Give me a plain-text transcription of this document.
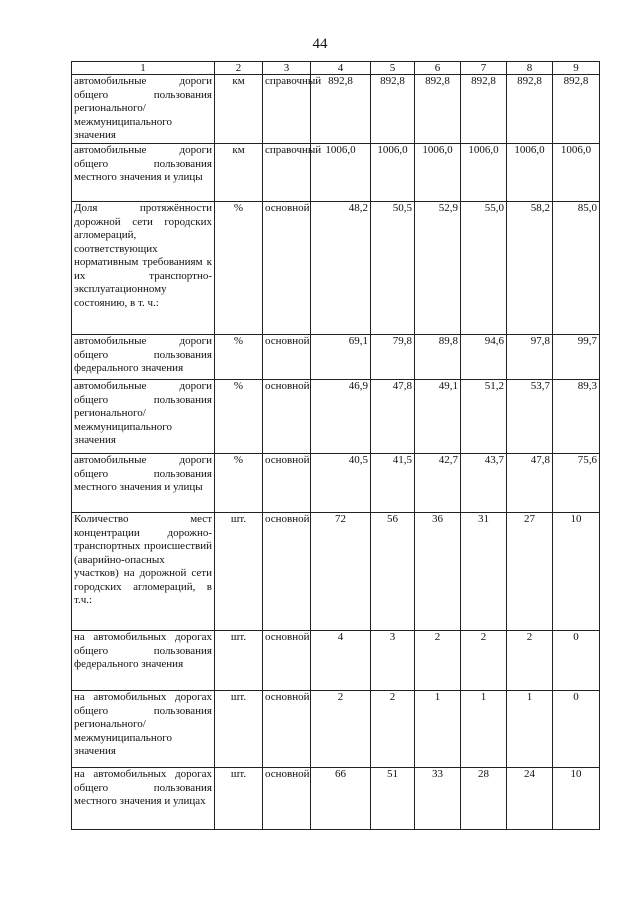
44
1	2	3	4	5	6	7	8	9
автомобильные дороги общего пользования регионального/ межмуниципального значения	км	справочный	892,8	892,8	892,8	892,8	892,8	892,8
автомобильные дороги общего пользования местного значения и улицы	км	справочный	1006,0	1006,0	1006,0	1006,0	1006,0	1006,0
Доля протяжённости дорожной сети городских агломераций, соответствующих нормативным требованиям к их транспортно-эксплуатационному состоянию, в т. ч.:	%	основной	48,2	50,5	52,9	55,0	58,2	85,0
автомобильные дороги общего пользования федерального значения	%	основной	69,1	79,8	89,8	94,6	97,8	99,7
автомобильные дороги общего пользования регионального/ межмуниципального значения	%	основной	46,9	47,8	49,1	51,2	53,7	89,3
автомобильные дороги общего пользования местного значения и улицы	%	основной	40,5	41,5	42,7	43,7	47,8	75,6
Количество мест концентрации дорожно-транспортных происшествий (аварийно-опасных участков) на дорожной сети городских агломераций, в т.ч.:	шт.	основной	72	56	36	31	27	10
на автомобильных дорогах общего пользования федерального значения	шт.	основной	4	3	2	2	2	0
на автомобильных дорогах общего пользования регионального/ межмуниципального значения	шт.	основной	2	2	1	1	1	0
на автомобильных дорогах общего пользования местного значения и улицах	шт.	основной	66	51	33	28	24	10
